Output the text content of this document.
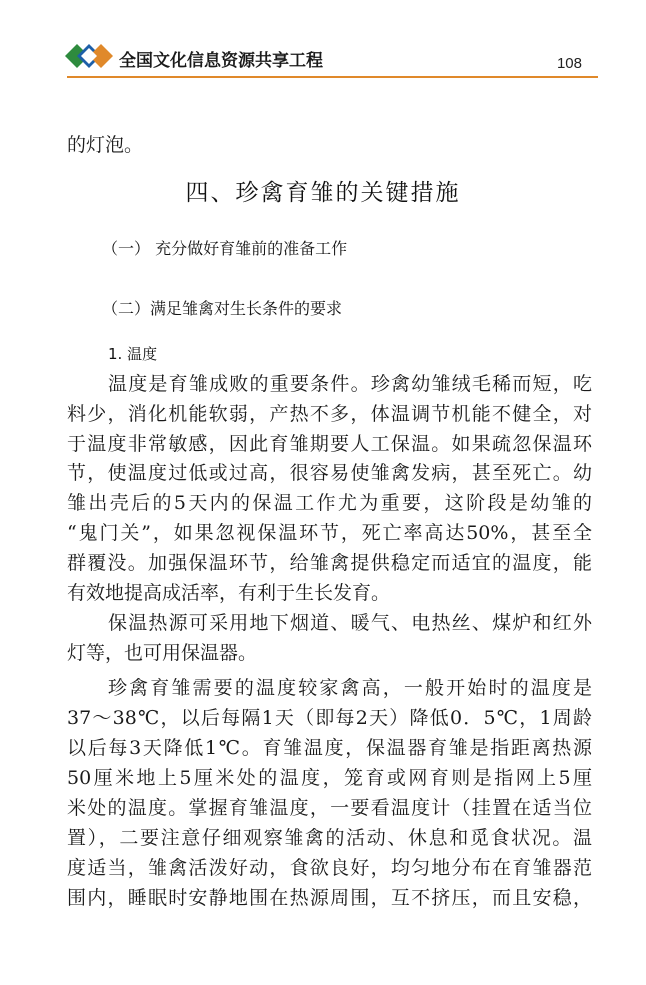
全国文化信息资源共享工程	108
的灯泡。
四、珍禽育雏的关键措施
（一） 充分做好育雏前的准备工作
（二）满足雏禽对生长条件的要求
1. 温度
温度是育雏成败的重要条件。珍禽幼雏绒毛稀而短，吃
料少，消化机能软弱，产热不多，体温调节机能不健全，对
于温度非常敏感，因此育雏期要人工保温。如果疏忽保温环
节，使温度过低或过高，很容易使雏禽发病，甚至死亡。幼
雏出壳后的5天内的保温工作尤为重要，这阶段是幼雏的
“鬼门关”，如果忽视保温环节，死亡率高达50%，甚至全
群覆没。加强保温环节，给雏禽提供稳定而适宜的温度，能
有效地提高成活率，有利于生长发育。
保温热源可采用地下烟道、暖气、电热丝、煤炉和红外
灯等，也可用保温器。
珍禽育雏需要的温度较家禽高，一般开始时的温度是
37～38℃，以后每隔1天（即每2天）降低0．5℃，1周龄
以后每3天降低1℃。育雏温度，保温器育雏是指距离热源
50厘米地上5厘米处的温度，笼育或网育则是指网上5厘
米处的温度。掌握育雏温度，一要看温度计（挂置在适当位
置），二要注意仔细观察雏禽的活动、休息和觅食状况。温
度适当，雏禽活泼好动，食欲良好，均匀地分布在育雏器范
围内，睡眠时安静地围在热源周围，互不挤压，而且安稳，
